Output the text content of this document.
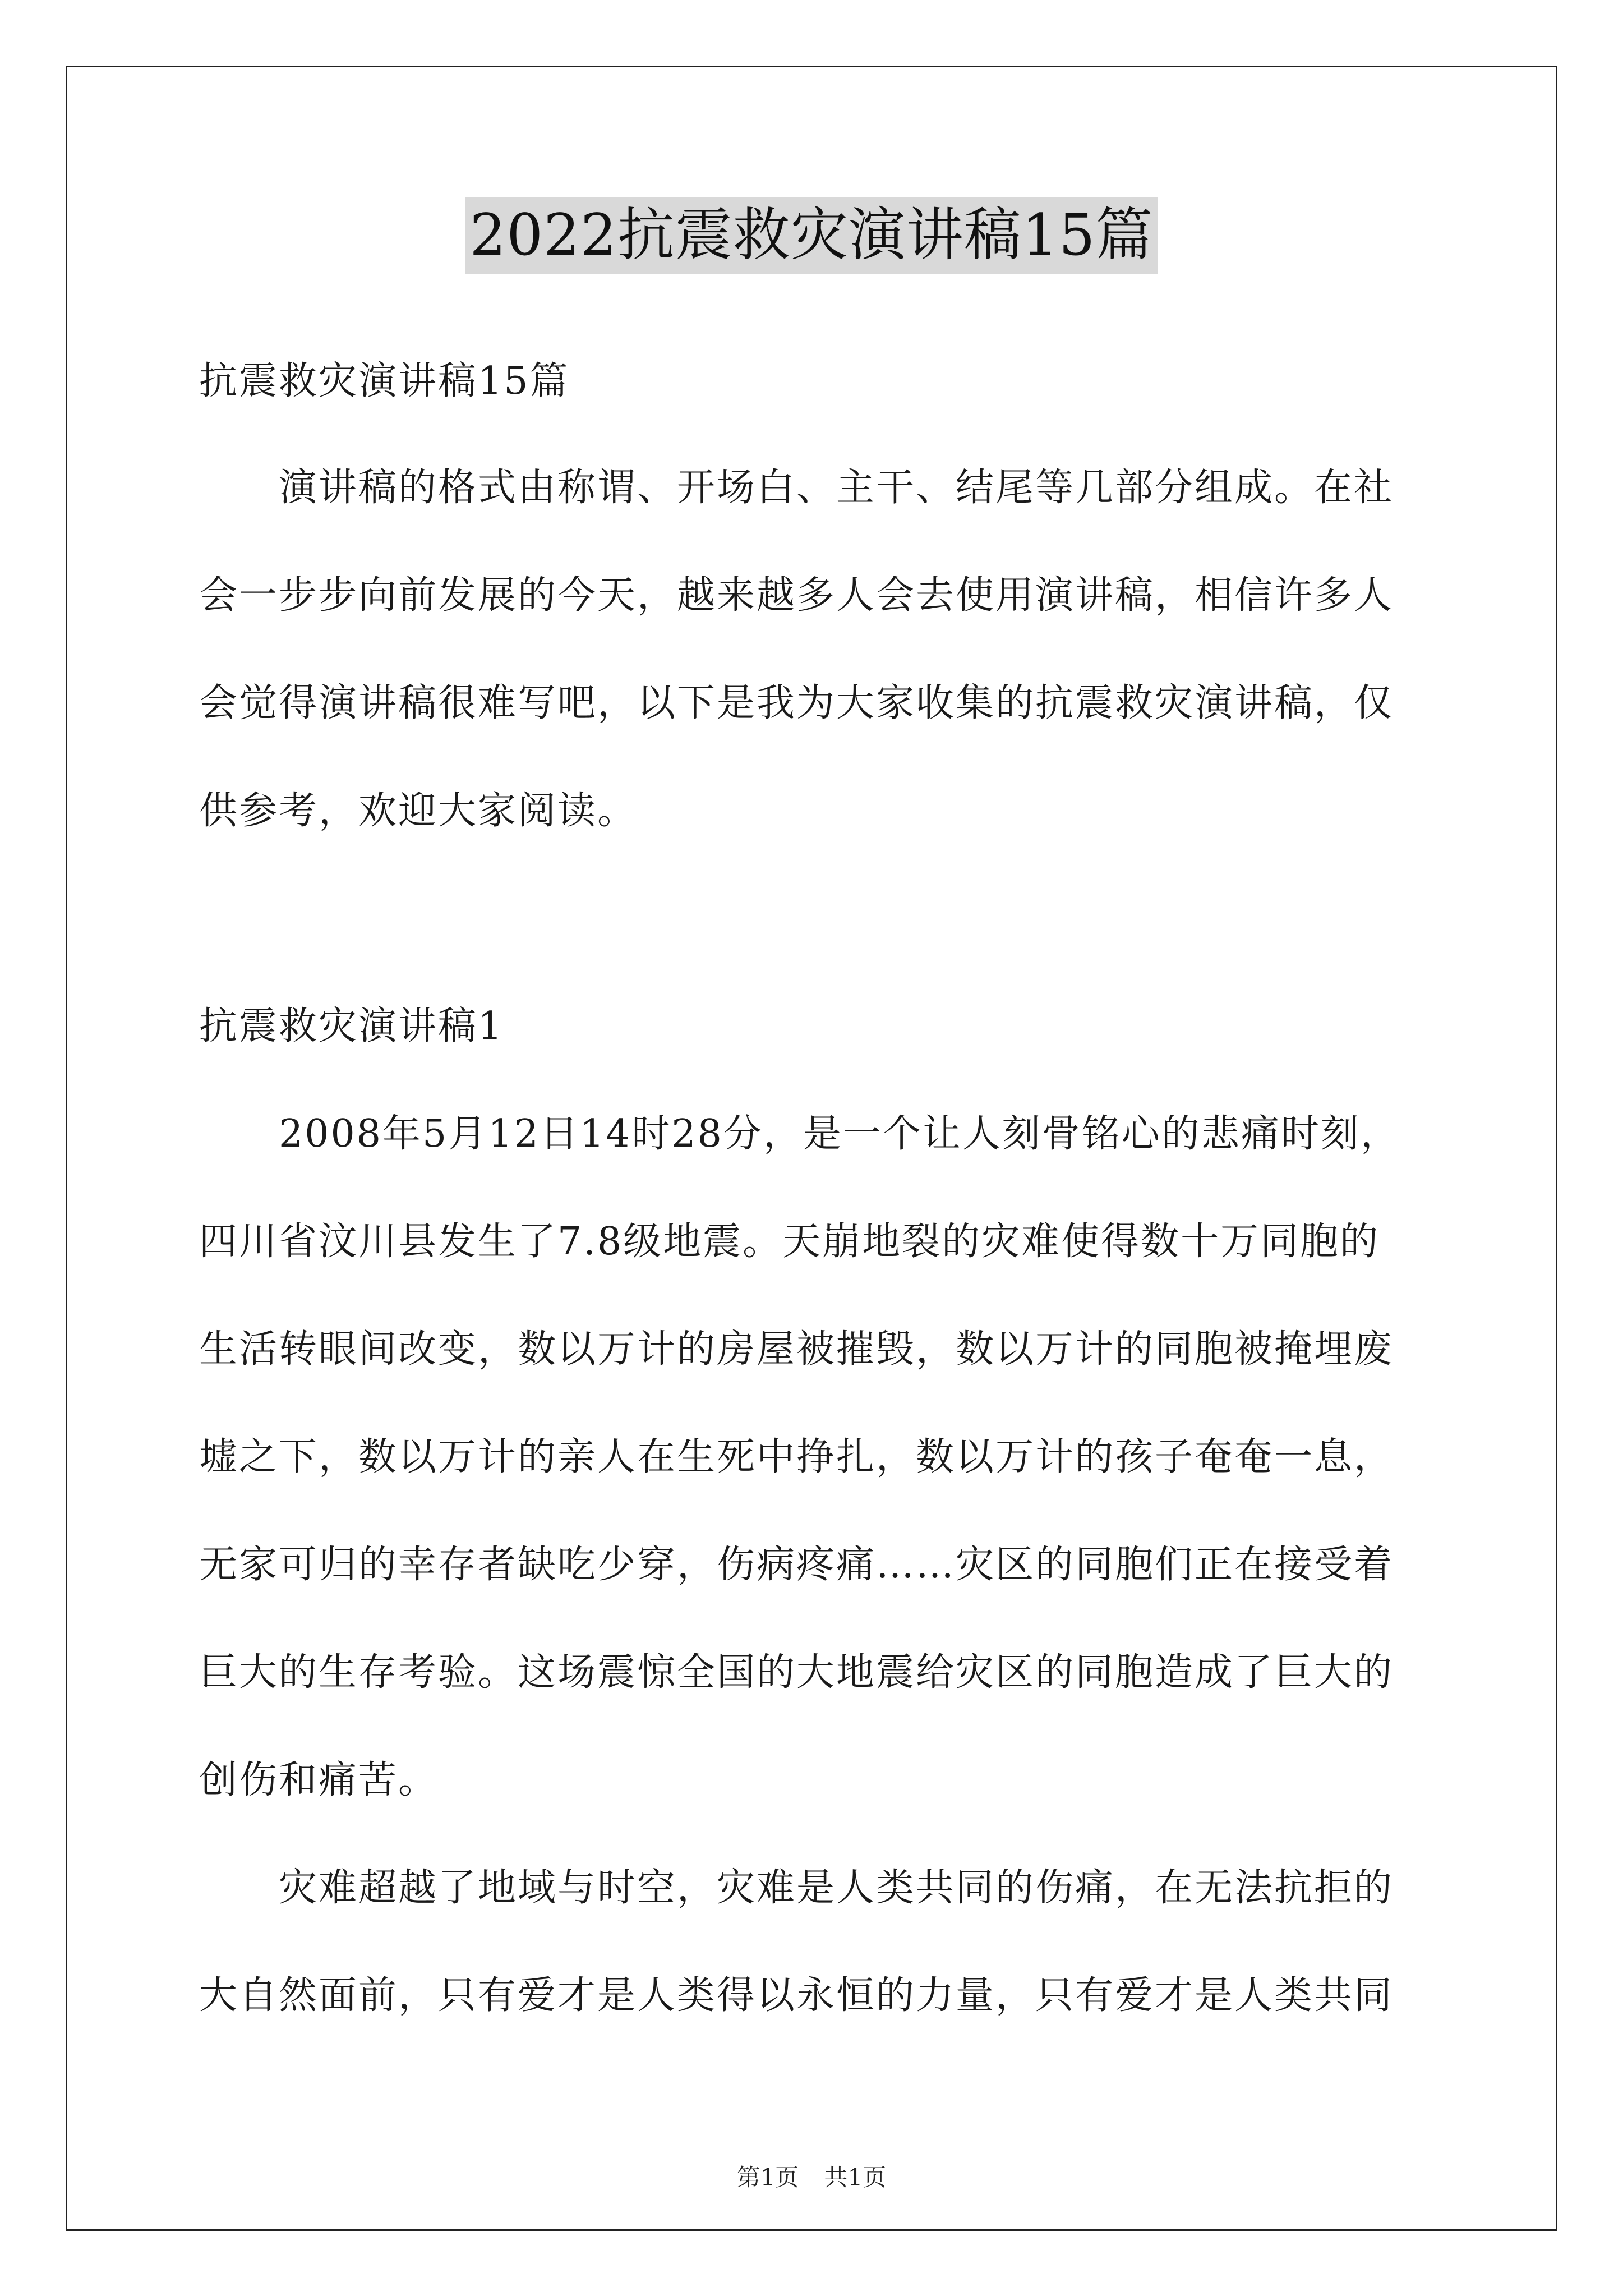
2022抗震救灾演讲稿15篇
抗震救灾演讲稿15篇
演讲稿的格式由称谓、开场白、主干、结尾等几部分组成。在社
会一步步向前发展的今天，越来越多人会去使用演讲稿，相信许多人
会觉得演讲稿很难写吧，以下是我为大家收集的抗震救灾演讲稿，仅
供参考，欢迎大家阅读。
抗震救灾演讲稿1
2008年5月12日14时28分，是一个让人刻骨铭心的悲痛时刻，
四川省汶川县发生了7.8级地震。天崩地裂的灾难使得数十万同胞的
生活转眼间改变，数以万计的房屋被摧毁，数以万计的同胞被掩埋废
墟之下，数以万计的亲人在生死中挣扎，数以万计的孩子奄奄一息，
无家可归的幸存者缺吃少穿，伤病疼痛……灾区的同胞们正在接受着
巨大的生存考验。这场震惊全国的大地震给灾区的同胞造成了巨大的
创伤和痛苦。
灾难超越了地域与时空，灾难是人类共同的伤痛，在无法抗拒的
大自然面前，只有爱才是人类得以永恒的力量，只有爱才是人类共同
第1页 共1页
